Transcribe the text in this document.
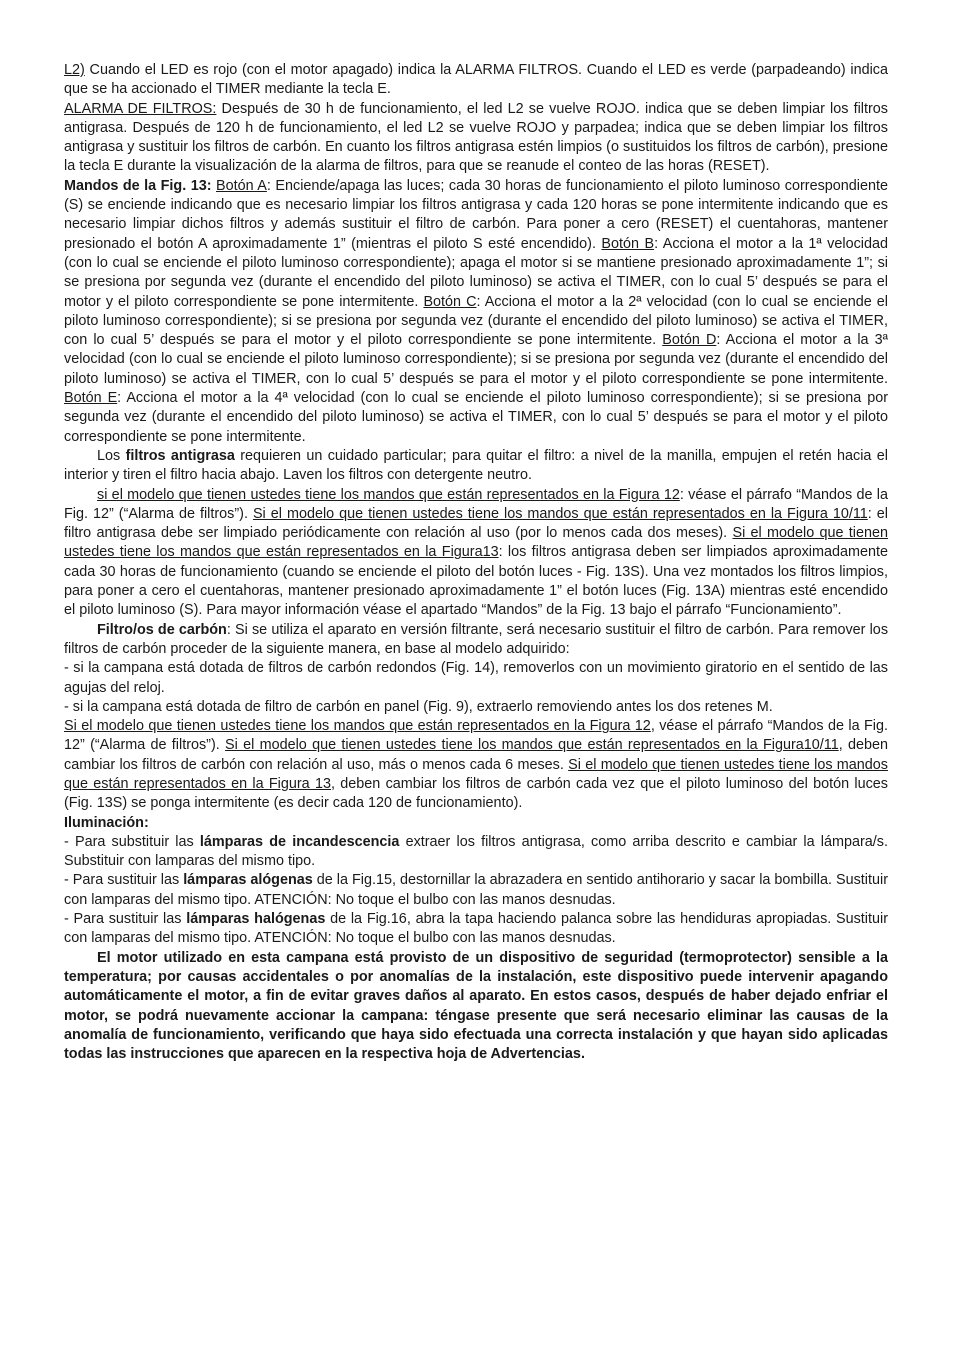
L2) Cuando el LED es rojo (con el motor apagado) indica la ALARMA FILTROS. Cuando el LED es verde (parpadeando) indica que se ha accionado el TIMER mediante la tecla E.

ALARMA DE FILTROS: Después de 30 h de funcionamiento, el led L2 se vuelve ROJO. indica que se deben limpiar los filtros antigrasa. Después de 120 h de funcionamiento, el led L2 se vuelve ROJO y parpadea; indica que se deben limpiar los filtros antigrasa y sustituir los filtros de carbón. En cuanto los filtros antigrasa estén limpios (o sustituidos los filtros de carbón), presione la tecla E durante la visualización de la alarma de filtros, para que se reanude el conteo de las horas (RESET).

Mandos de la Fig. 13: Botón A: Enciende/apaga las luces; cada 30 horas de funcionamiento el piloto luminoso correspondiente (S) se enciende indicando que es necesario limpiar los filtros antigrasa y cada 120 horas se pone intermitente indicando que es necesario limpiar dichos filtros y además sustituir el filtro de carbón. Para poner a cero (RESET) el cuentahoras, mantener presionado el botón A aproximadamente 1” (mientras el piloto S esté encendido). Botón B: Acciona el motor a la 1ª velocidad (con lo cual se enciende el piloto luminoso correspondiente); apaga el motor si se mantiene presionado aproximadamente 1”; si se presiona por segunda vez (durante el encendido del piloto luminoso) se activa el TIMER, con lo cual 5’ después se para el motor y el piloto correspondiente se pone intermitente. Botón C: Acciona el motor a la 2ª velocidad (con lo cual se enciende el piloto luminoso correspondiente); si se presiona por segunda vez (durante el encendido del piloto luminoso) se activa el TIMER, con lo cual 5’ después se para el motor y el piloto correspondiente se pone intermitente. Botón D: Acciona el motor a la 3ª velocidad (con lo cual se enciende el piloto luminoso correspondiente); si se presiona por segunda vez (durante el encendido del piloto luminoso) se activa el TIMER, con lo cual 5’ después se para el motor y el piloto correspondiente se pone intermitente. Botón E: Acciona el motor a la 4ª velocidad (con lo cual se enciende el piloto luminoso correspondiente); si se presiona por segunda vez (durante el encendido del piloto luminoso) se activa el TIMER, con lo cual 5’ después se para el motor y el piloto correspondiente se pone intermitente.

Los filtros antigrasa requieren un cuidado particular; para quitar el filtro: a nivel de la manilla, empujen el retén hacia el interior y tiren el filtro hacia abajo. Laven los filtros con detergente neutro.

si el modelo que tienen ustedes tiene los mandos que están representados en la Figura 12: véase el párrafo “Mandos de la Fig. 12” (“Alarma de filtros”). Si el modelo que tienen ustedes tiene los mandos que están representados en la Figura 10/11: el filtro antigrasa debe ser limpiado periódicamente con relación al uso (por lo menos cada dos meses). Si el modelo que tienen ustedes tiene los mandos que están representados en la Figura13: los filtros antigrasa deben ser limpiados aproximadamente cada 30 horas de funcionamiento (cuando se enciende el piloto del botón luces - Fig. 13S). Una vez montados los filtros limpios, para poner a cero el cuentahoras, mantener presionado aproximadamente 1” el botón luces (Fig. 13A) mientras esté encendido el piloto luminoso (S). Para mayor información véase el apartado “Mandos” de la Fig. 13 bajo el párrafo “Funcionamiento”.

Filtro/os de carbón: Si se utiliza el aparato en versión filtrante, será necesario sustituir el filtro de carbón. Para remover los filtros de carbón proceder de la siguiente manera, en base al modelo adquirido:

- si la campana está dotada de filtros de carbón redondos (Fig. 14), removerlos con un movimiento giratorio en el sentido de las agujas del reloj.

- si la campana está dotada de filtro de carbón en panel (Fig. 9), extraerlo removiendo antes los dos retenes M.

Si el modelo que tienen ustedes tiene los mandos que están representados en la Figura 12, véase el párrafo “Mandos de la Fig. 12” (“Alarma de filtros”). Si el modelo que tienen ustedes tiene los mandos que están representados en la Figura10/11, deben cambiar los filtros de carbón con relación al uso, más o menos cada 6 meses. Si el modelo que tienen ustedes tiene los mandos que están representados en la Figura 13, deben cambiar los filtros de carbón cada vez que el piloto luminoso del botón luces (Fig. 13S) se ponga intermitente (es decir cada 120 de funcionamiento).

Iluminación:

- Para substituir las lámparas de incandescencia extraer los filtros antigrasa, como arriba descrito e cambiar la lámpara/s. Substituir con lamparas del mismo tipo.

- Para sustituir las lámparas alógenas de la Fig.15, destornillar la abrazadera en sentido antihorario y sacar la bombilla. Sustituir con lamparas del mismo tipo. ATENCIÓN: No toque el bulbo con las manos desnudas.

- Para sustituir las lámparas halógenas de la Fig.16, abra la tapa haciendo palanca sobre las hendiduras apropiadas. Sustituir con lamparas del mismo tipo. ATENCIÓN: No toque el bulbo con las manos desnudas.

El motor utilizado en esta campana está provisto de un dispositivo de seguridad (termoprotector) sensible a la temperatura; por causas accidentales o por anomalías de la instalación, este dispositivo puede intervenir apagando automáticamente el motor, a fin de evitar graves daños al aparato. En estos casos, después de haber dejado enfriar el motor, se podrá nuevamente accionar la campana: téngase presente que será necesario eliminar las causas de la anomalía de funcionamiento, verificando que haya sido efectuada una correcta instalación y que hayan sido aplicadas todas las instrucciones que aparecen en la respectiva hoja de Advertencias.
